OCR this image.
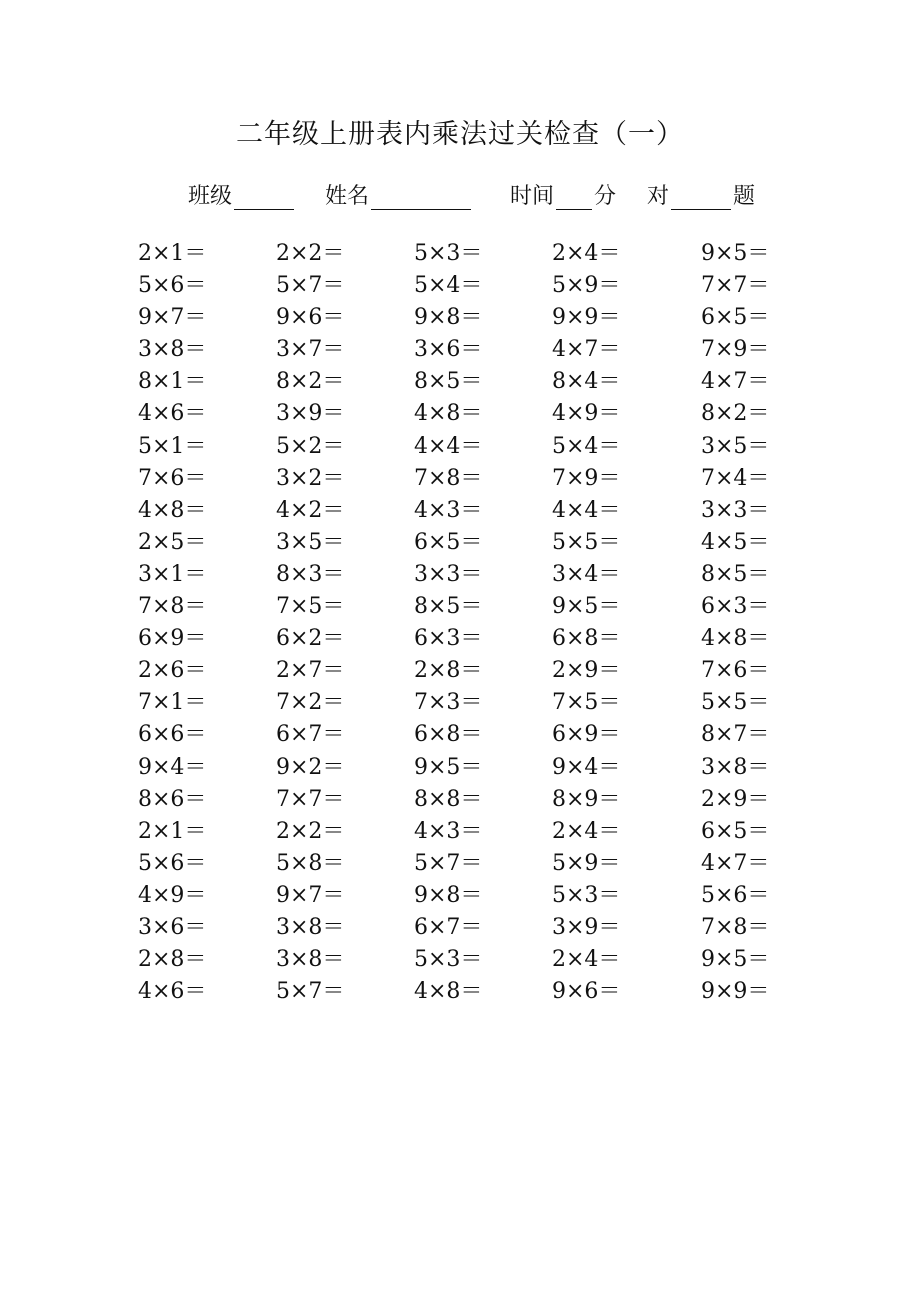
二年级上册表内乘法过关检查（一）
班级	姓名	时间 分 对	题
2×1＝	2×2＝	5×3＝	2×4＝	9×5＝
5×6＝	5×7＝	5×4＝	5×9＝	7×7＝
9×7＝	9×6＝	9×8＝	9×9＝	6×5＝
3×8＝	3×7＝	3×6＝	4×7＝	7×9＝
8×1＝	8×2＝	8×5＝	8×4＝	4×7＝
4×6＝	3×9＝	4×8＝	4×9＝	8×2＝
5×1＝	5×2＝	4×4＝	5×4＝	3×5＝
7×6＝	3×2＝	7×8＝	7×9＝	7×4＝
4×8＝	4×2＝	4×3＝	4×4＝	3×3＝
2×5＝	3×5＝	6×5＝	5×5＝	4×5＝
3×1＝	8×3＝	3×3＝	3×4＝	8×5＝
7×8＝	7×5＝	8×5＝	9×5＝	6×3＝
6×9＝	6×2＝	6×3＝	6×8＝	4×8＝
2×6＝	2×7＝	2×8＝	2×9＝	7×6＝
7×1＝	7×2＝	7×3＝	7×5＝	5×5＝
6×6＝	6×7＝	6×8＝	6×9＝	8×7＝
9×4＝	9×2＝	9×5＝	9×4＝	3×8＝
8×6＝	7×7＝	8×8＝	8×9＝	2×9＝
2×1＝	2×2＝	4×3＝	2×4＝	6×5＝
5×6＝	5×8＝	5×7＝	5×9＝	4×7＝
4×9＝	9×7＝	9×8＝	5×3＝	5×6＝
3×6＝	3×8＝	6×7＝	3×9＝	7×8＝
2×8＝	3×8＝	5×3＝	2×4＝	9×5＝
4×6＝	5×7＝	4×8＝	9×6＝	9×9＝
